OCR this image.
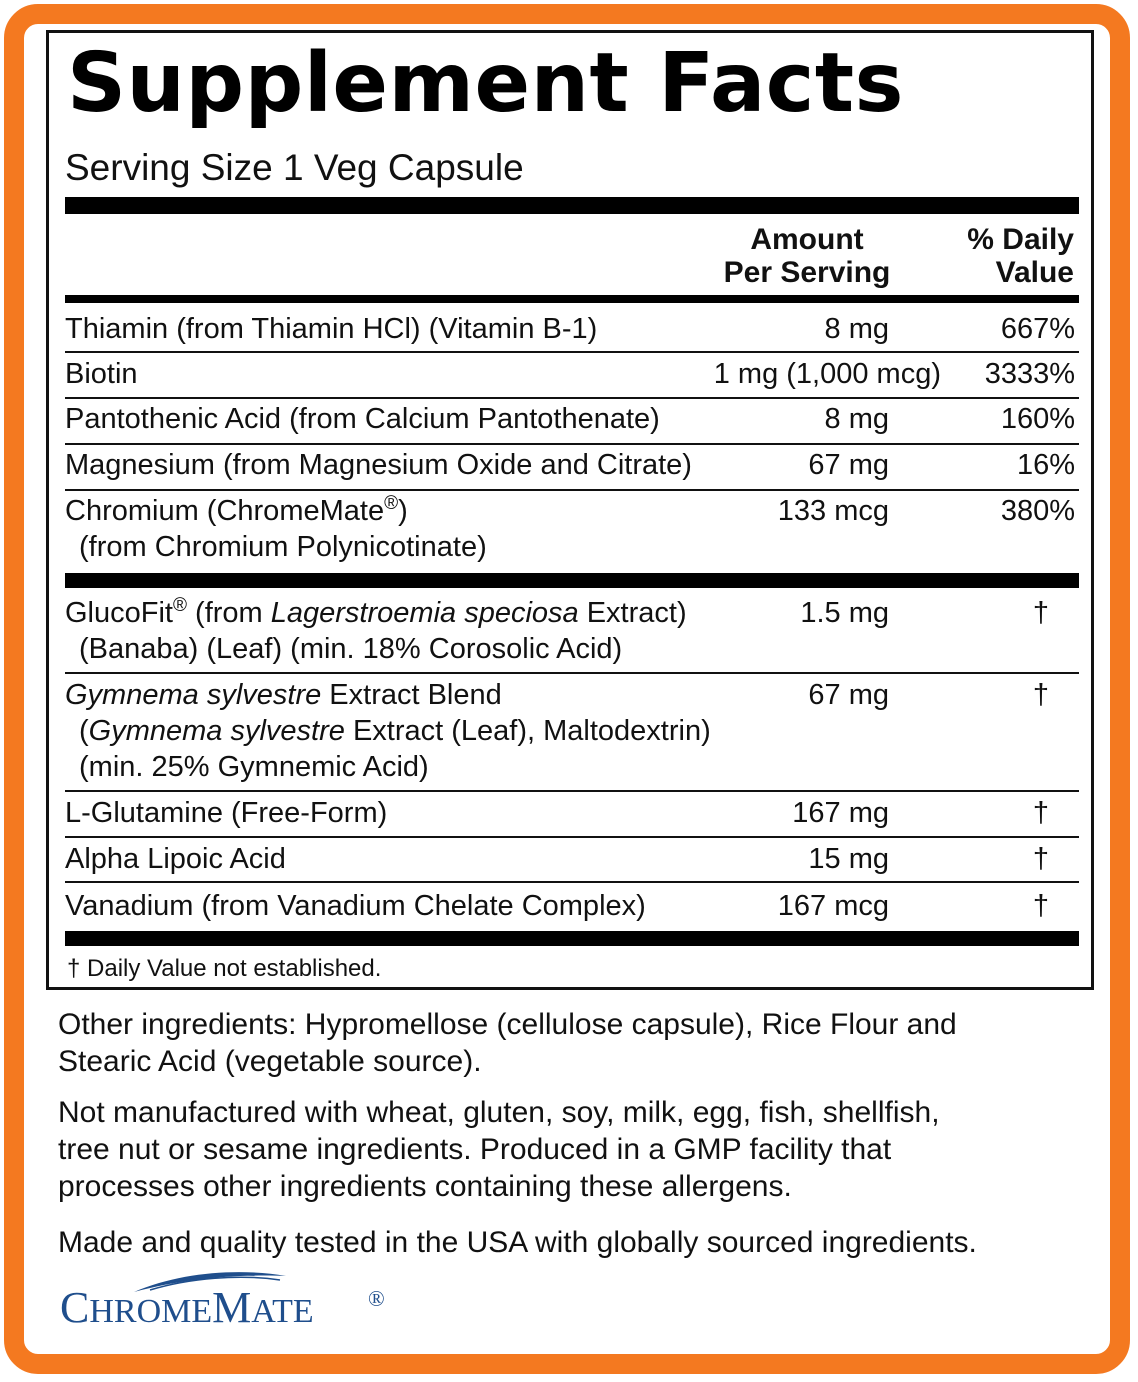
Supplement Facts
Serving Size 1 Veg Capsule
Amount
Per Serving
% Daily
Value
Thiamin (from Thiamin HCl) (Vitamin B-1)	8 mg	667%
Biotin	1 mg (1,000 mcg) 3333%
Pantothenic Acid (from Calcium Pantothenate)	8 mg	160%
Magnesium (from Magnesium Oxide and Citrate)	67 mg	16%
Chromium (ChromeMate®)
(from Chromium Polynicotinate)
133 mcg	380%
GlucoFit® (from Lagerstroemia speciosa Extract)
(Banaba) (Leaf) (min. 18% Corosolic Acid)
1.5 mg	†
Gymnema sylvestre Extract Blend
(Gymnema sylvestre Extract (Leaf), Maltodextrin)
(min. 25% Gymnemic Acid)
67 mg	†
L-Glutamine (Free-Form)	167 mg	†
Alpha Lipoic Acid	15 mg	†
Vanadium (from Vanadium Chelate Complex)	167 mcg	†
† Daily Value not established.
Other ingredients: Hypromellose (cellulose capsule), Rice Flour and
Stearic Acid (vegetable source).
Not manufactured with wheat, gluten, soy, milk, egg, fish, shellfish,
tree nut or sesame ingredients. Produced in a GMP facility that
processes other ingredients containing these allergens.
Made and quality tested in the USA with globally sourced ingredients.
CHROMEMATE ®
